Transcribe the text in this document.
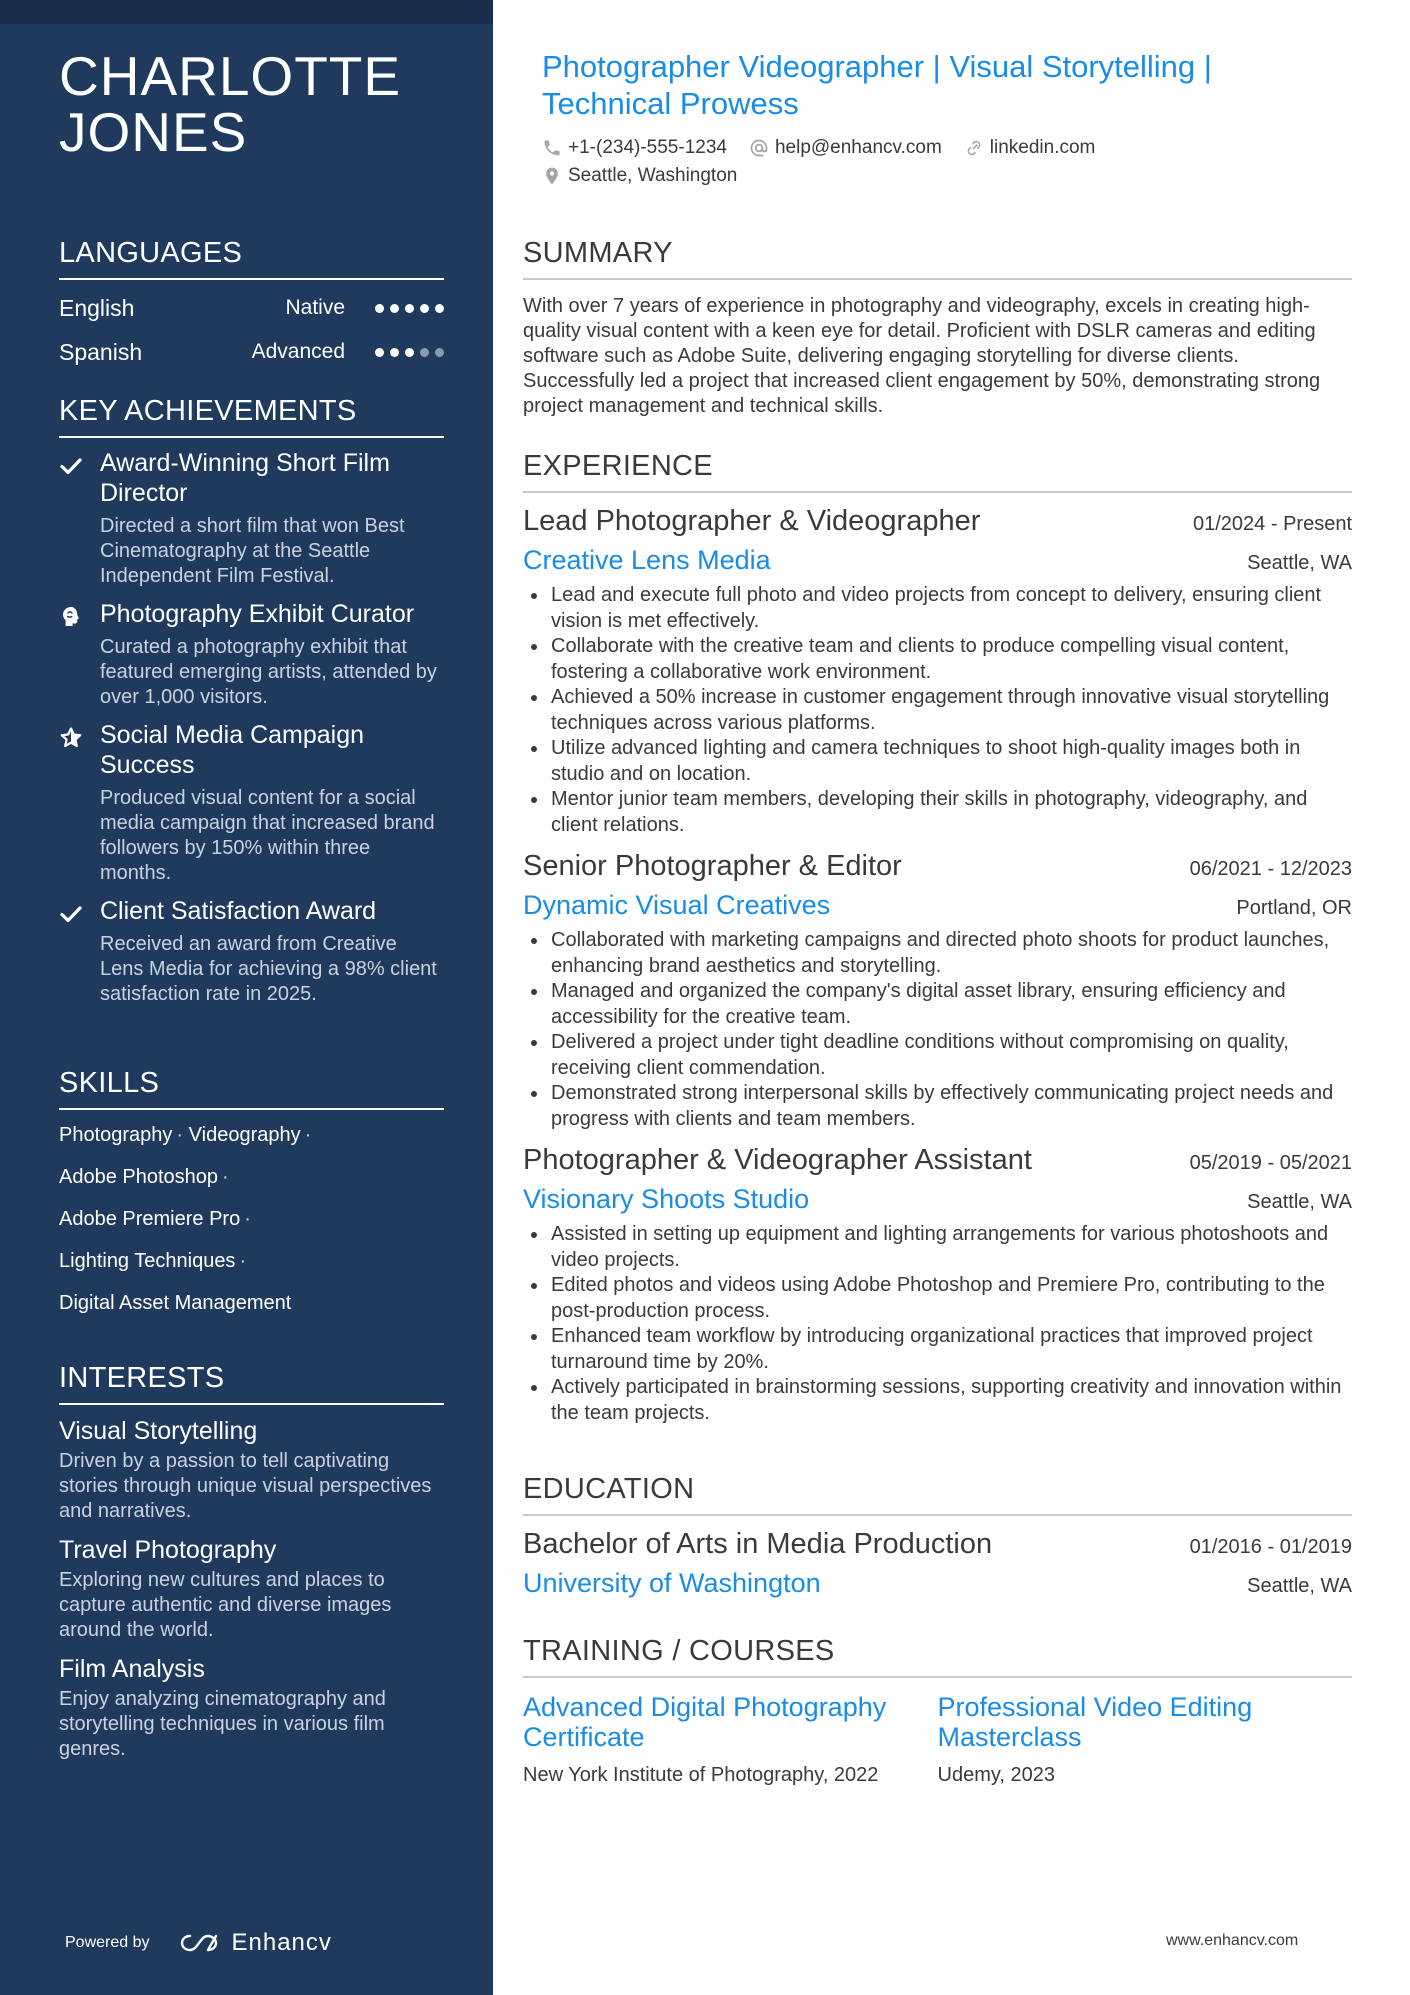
CHARLOTTE JONES
LANGUAGES
English	Native
Spanish	Advanced
KEY ACHIEVEMENTS
Award-Winning Short Film Director
Directed a short film that won Best Cinematography at the Seattle Independent Film Festival.
Photography Exhibit Curator
Curated a photography exhibit that featured emerging artists, attended by over 1,000 visitors.
Social Media Campaign Success
Produced visual content for a social media campaign that increased brand followers by 150% within three months.
Client Satisfaction Award
Received an award from Creative Lens Media for achieving a 98% client satisfaction rate in 2025.
SKILLS
Photography · Videography ·
Adobe Photoshop ·
Adobe Premiere Pro ·
Lighting Techniques ·
Digital Asset Management
INTERESTS
Visual Storytelling
Driven by a passion to tell captivating stories through unique visual perspectives and narratives.
Travel Photography
Exploring new cultures and places to capture authentic and diverse images around the world.
Film Analysis
Enjoy analyzing cinematography and storytelling techniques in various film genres.
Powered by	Enhancv
Photographer Videographer | Visual Storytelling | Technical Prowess
+1-(234)-555-1234	help@enhancv.com	linkedin.com
Seattle, Washington
SUMMARY
With over 7 years of experience in photography and videography, excels in creating high-quality visual content with a keen eye for detail. Proficient with DSLR cameras and editing software such as Adobe Suite, delivering engaging storytelling for diverse clients. Successfully led a project that increased client engagement by 50%, demonstrating strong project management and technical skills.
EXPERIENCE
Lead Photographer & Videographer	01/2024 - Present
Creative Lens Media	Seattle, WA
Lead and execute full photo and video projects from concept to delivery, ensuring client vision is met effectively.
Collaborate with the creative team and clients to produce compelling visual content, fostering a collaborative work environment.
Achieved a 50% increase in customer engagement through innovative visual storytelling techniques across various platforms.
Utilize advanced lighting and camera techniques to shoot high-quality images both in studio and on location.
Mentor junior team members, developing their skills in photography, videography, and client relations.
Senior Photographer & Editor	06/2021 - 12/2023
Dynamic Visual Creatives	Portland, OR
Collaborated with marketing campaigns and directed photo shoots for product launches, enhancing brand aesthetics and storytelling.
Managed and organized the company's digital asset library, ensuring efficiency and accessibility for the creative team.
Delivered a project under tight deadline conditions without compromising on quality, receiving client commendation.
Demonstrated strong interpersonal skills by effectively communicating project needs and progress with clients and team members.
Photographer & Videographer Assistant	05/2019 - 05/2021
Visionary Shoots Studio	Seattle, WA
Assisted in setting up equipment and lighting arrangements for various photoshoots and video projects.
Edited photos and videos using Adobe Photoshop and Premiere Pro, contributing to the post-production process.
Enhanced team workflow by introducing organizational practices that improved project turnaround time by 20%.
Actively participated in brainstorming sessions, supporting creativity and innovation within the team projects.
EDUCATION
Bachelor of Arts in Media Production	01/2016 - 01/2019
University of Washington	Seattle, WA
TRAINING / COURSES
Advanced Digital Photography Certificate
New York Institute of Photography, 2022
Professional Video Editing Masterclass
Udemy, 2023
www.enhancv.com
